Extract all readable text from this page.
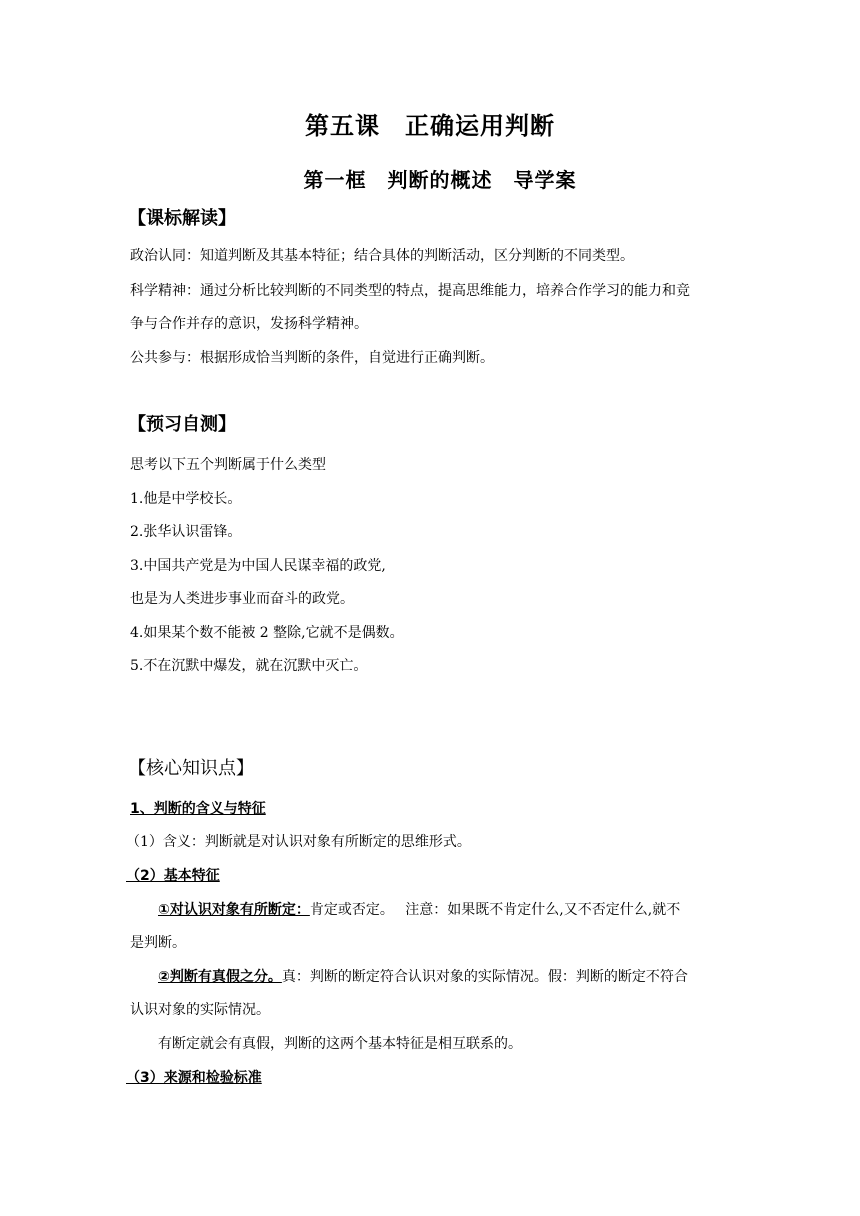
第五课　正确运用判断
第一框　判断的概述　导学案
【课标解读】
政治认同：知道判断及其基本特征；结合具体的判断活动，区分判断的不同类型。
科学精神：通过分析比较判断的不同类型的特点，提高思维能力，培养合作学习的能力和竞
争与合作并存的意识，发扬科学精神。
公共参与：根据形成恰当判断的条件，自觉进行正确判断。
【预习自测】
思考以下五个判断属于什么类型
1.他是中学校长。
2.张华认识雷锋。
3.中国共产党是为中国人民谋幸福的政党,
也是为人类进步事业而奋斗的政党。
4.如果某个数不能被 2 整除,它就不是偶数。
5.不在沉默中爆发，就在沉默中灭亡。
【核心知识点】
1、判断的含义与特征
（1）含义：判断就是对认识对象有所断定的思维形式。
（2）基本特征
①对认识对象有所断定：肯定或否定。　 注意：如果既不肯定什么,又不否定什么,就不
是判断。
②判断有真假之分。真：判断的断定符合认识对象的实际情况。假：判断的断定不符合
认识对象的实际情况。
有断定就会有真假，判断的这两个基本特征是相互联系的。
（3）来源和检验标准
